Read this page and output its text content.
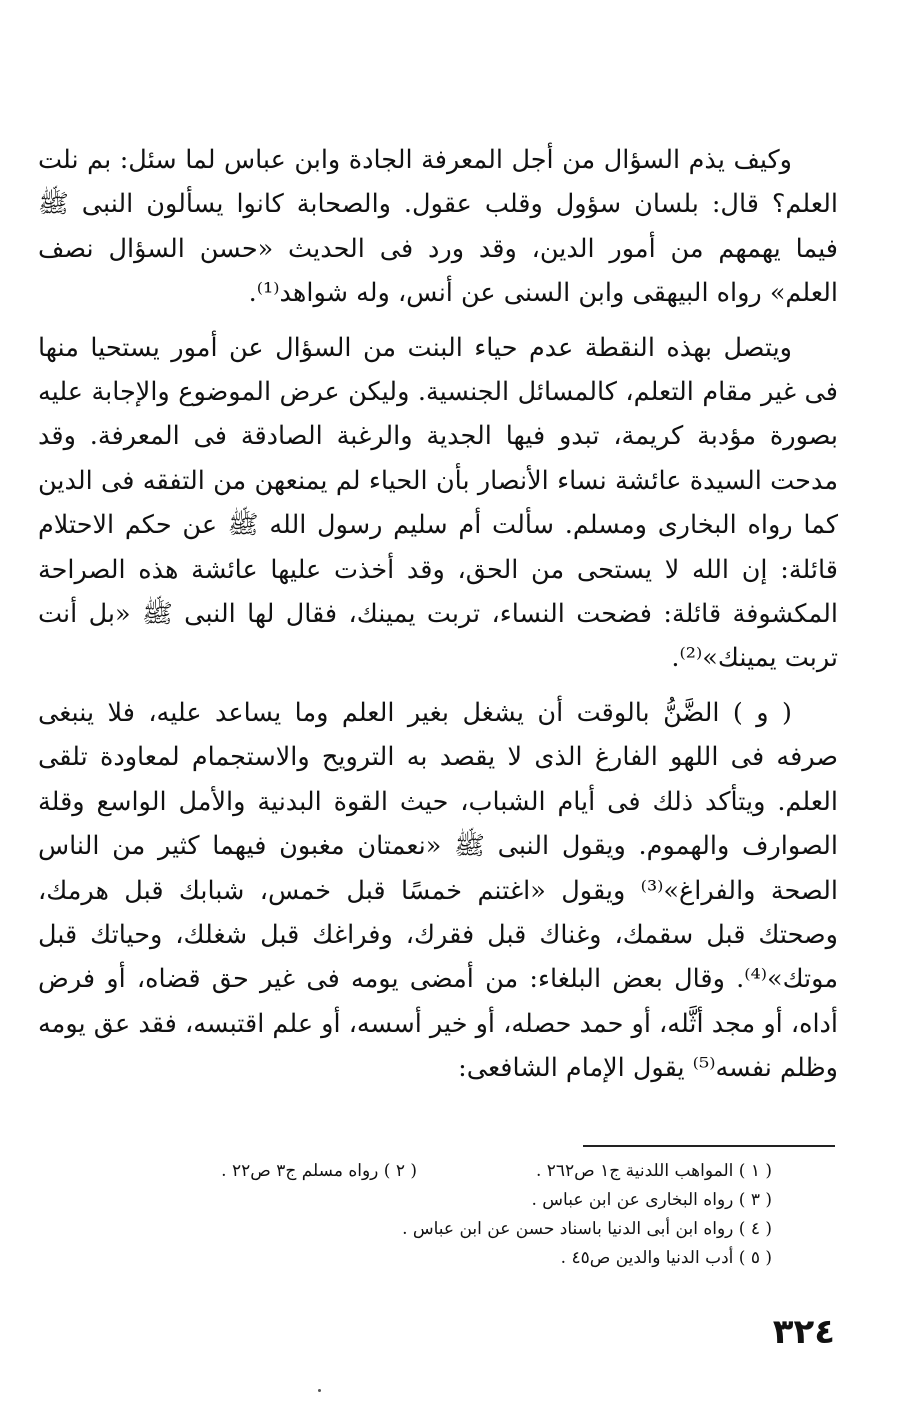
وكيف يذم السؤال من أجل المعرفة الجادة وابن عباس لما سئل: بم نلت العلم؟ قال: بلسان سؤول وقلب عقول. والصحابة كانوا يسألون النبى ﷺ فيما يهمهم من أمور الدين، وقد ورد فى الحديث «حسن السؤال نصف العلم» رواه البيهقى وابن السنى عن أنس، وله شواهد⁽¹⁾.

ويتصل بهذه النقطة عدم حياء البنت من السؤال عن أمور يستحيا منها فى غير مقام التعلم، كالمسائل الجنسية. وليكن عرض الموضوع والإجابة عليه بصورة مؤدبة كريمة، تبدو فيها الجدية والرغبة الصادقة فى المعرفة. وقد مدحت السيدة عائشة نساء الأنصار بأن الحياء لم يمنعهن من التفقه فى الدين كما رواه البخارى ومسلم. سألت أم سليم رسول الله ﷺ عن حكم الاحتلام قائلة: إن الله لا يستحى من الحق، وقد أخذت عليها عائشة هذه الصراحة المكشوفة قائلة: فضحت النساء، تربت يمينك، فقال لها النبى ﷺ «بل أنت تربت يمينك»⁽²⁾.

( و ) الضَّنُّ بالوقت أن يشغل بغير العلم وما يساعد عليه، فلا ينبغى صرفه فى اللهو الفارغ الذى لا يقصد به الترويح والاستجمام لمعاودة تلقى العلم. ويتأكد ذلك فى أيام الشباب، حيث القوة البدنية والأمل الواسع وقلة الصوارف والهموم. ويقول النبى ﷺ «نعمتان مغبون فيهما كثير من الناس الصحة والفراغ»⁽³⁾ ويقول «اغتنم خمسًا قبل خمس، شبابك قبل هرمك، وصحتك قبل سقمك، وغناك قبل فقرك، وفراغك قبل شغلك، وحياتك قبل موتك»⁽⁴⁾. وقال بعض البلغاء: من أمضى يومه فى غير حق قضاه، أو فرض أداه، أو مجد أثَّله، أو حمد حصله، أو خير أسسه، أو علم اقتبسه، فقد عق يومه وظلم نفسه⁽⁵⁾ يقول الإمام الشافعى:

( ١ ) المواهب اللدنية ج١ ص٢٦٢ .
( ٢ ) رواه مسلم ج٣ ص٢٢ .
( ٣ ) رواه البخارى عن ابن عباس .
( ٤ ) رواه ابن أبى الدنيا باسناد حسن عن ابن عباس .
( ٥ ) أدب الدنيا والدين ص٤٥ .
٣٢٤
